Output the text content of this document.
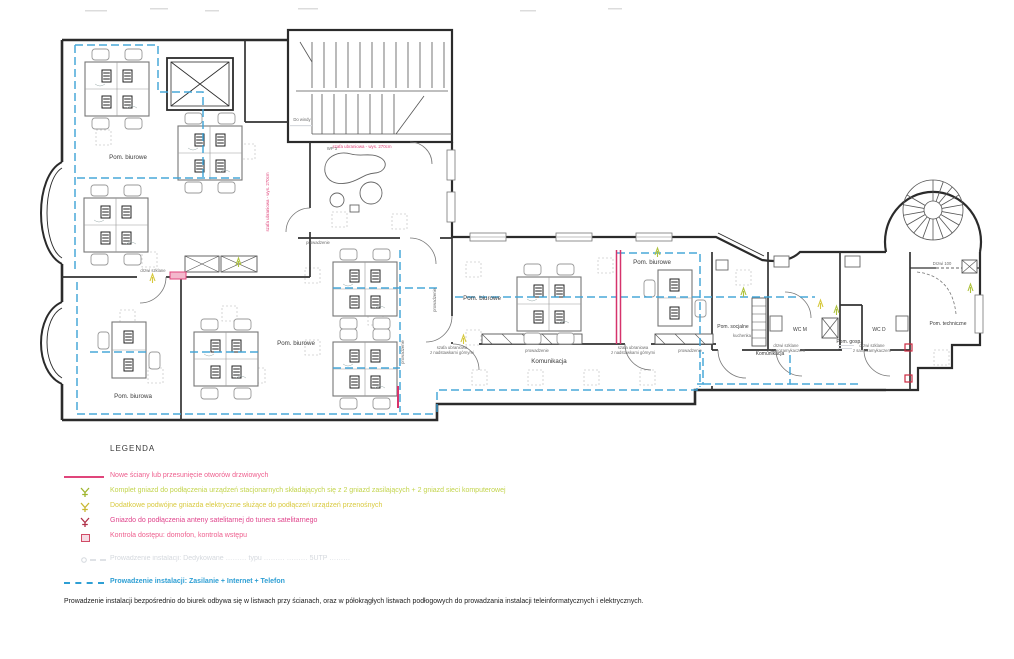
Pom. biurowe
Pom. biurowa
Pom. biurowe
Pom. biurowe
Pom. biurowe
Komunikacja
Pom. socjalne
Komunikacja
WC M
Pom. gosp.
WC D
Pom. techniczne
szafa ubraniowa - wys. 270cm
szafa ubraniowa - wys. 270cm
szafa ubraniowa
z nadstawkami górnymi	prowadzenie
szafa ubraniowa
z nadstawkami górnymi	prowadzenie
drzwi szklane
z samozamykaczem
drzwi szklane
z samozamykaczem
Drzwi 100
Do windy
WP 3
prowadzenie
prowadzenie
drzwi szklane
kuchenka
prowadzenie
LEGENDA
Nowe ściany lub przesunięcie otworów drzwiowych
Komplet gniazd do podłączenia urządzeń stacjonarnych składających się z 2 gniazd zasilających + 2 gniazd sieci komputerowej
Dodatkowe podwójne gniazda elektryczne służące do podłączeń urządzeń przenośnych
Gniazdo do podłączenia anteny satelitarnej do tunera satelitarnego
Kontrola dostępu: domofon, kontrola wstępu
Prowadzenie instalacji: Dedykowane ……… typu ……… ……… 5UTP ………
Prowadzenie instalacji: Zasilanie + Internet + Telefon
Prowadzenie instalacji bezpośrednio do biurek odbywa się w listwach przy ścianach, oraz w półokrągłych listwach podłogowych do prowadzania instalacji teleinformatycznych i elektrycznych.
